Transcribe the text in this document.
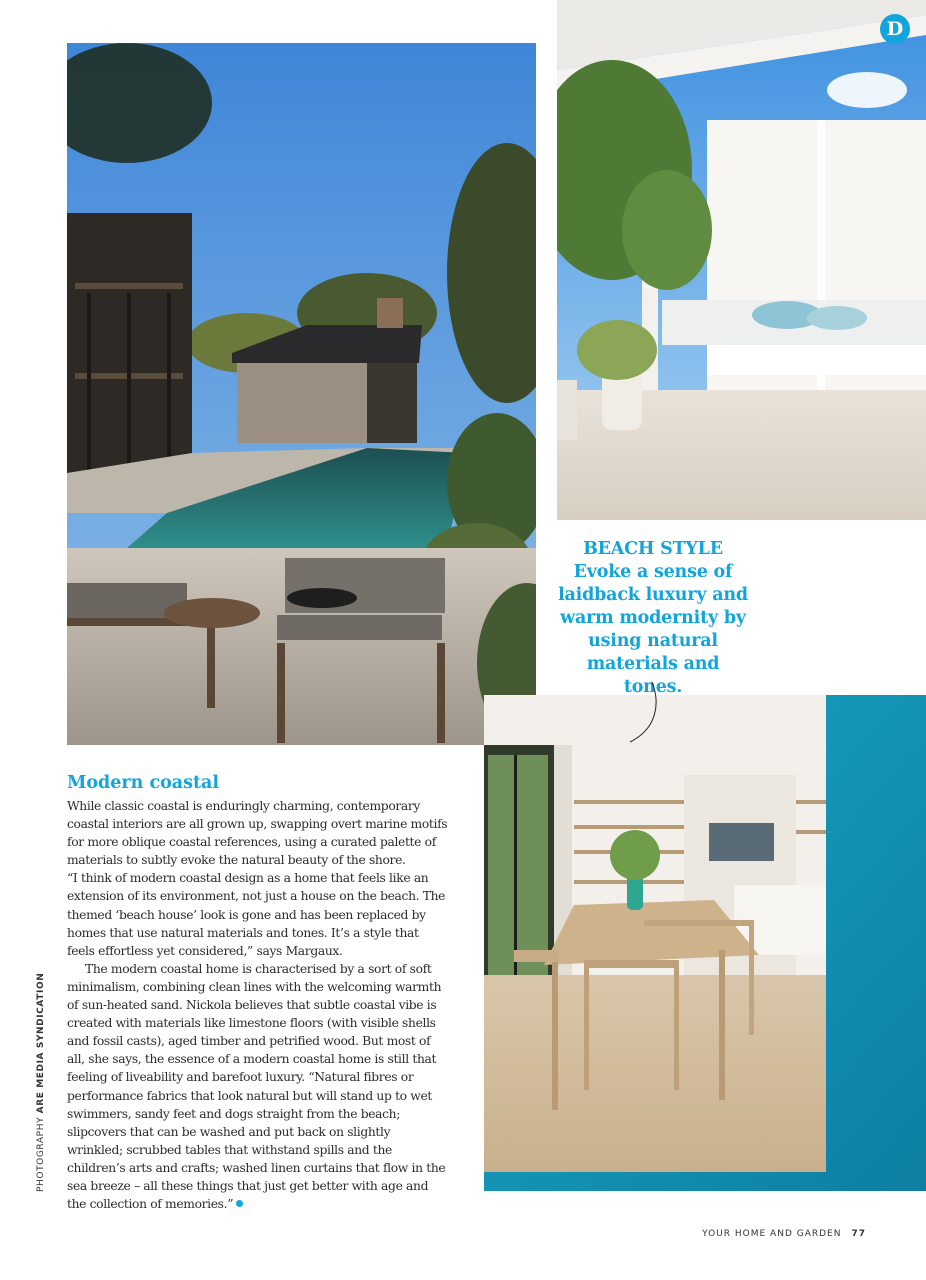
D
BEACH STYLE
Evoke a sense of laidback luxury and warm modernity by using natural materials and tones.
Modern coastal

While classic coastal is enduringly charming, contemporary coastal interiors are all grown up, swapping overt marine motifs for more oblique coastal references, using a curated palette of materials to subtly evoke the natural beauty of the shore.

“I think of modern coastal design as a home that feels like an extension of its environment, not just a house on the beach. The themed ‘beach house’ look is gone and has been replaced by homes that use natural materials and tones. It’s a style that feels effortless yet considered,” says Margaux.

The modern coastal home is characterised by a sort of soft minimalism, combining clean lines with the welcoming warmth of sun-heated sand. Nickola believes that subtle coastal vibe is created with materials like limestone floors (with visible shells and fossil casts), aged timber and petrified wood. But most of all, she says, the essence of a modern coastal home is still that feeling of liveability and barefoot luxury. “Natural fibres or performance fabrics that look natural but will stand up to wet swimmers, sandy feet and dogs straight from the beach; slipcovers that can be washed and put back on slightly wrinkled; scrubbed tables that withstand spills and the children’s arts and crafts; washed linen curtains that flow in the sea breeze – all these things that just get better with age and the collection of memories.”

PHOTOGRAPHY ARE MEDIA SYNDICATION
YOUR HOME AND GARDEN 77
